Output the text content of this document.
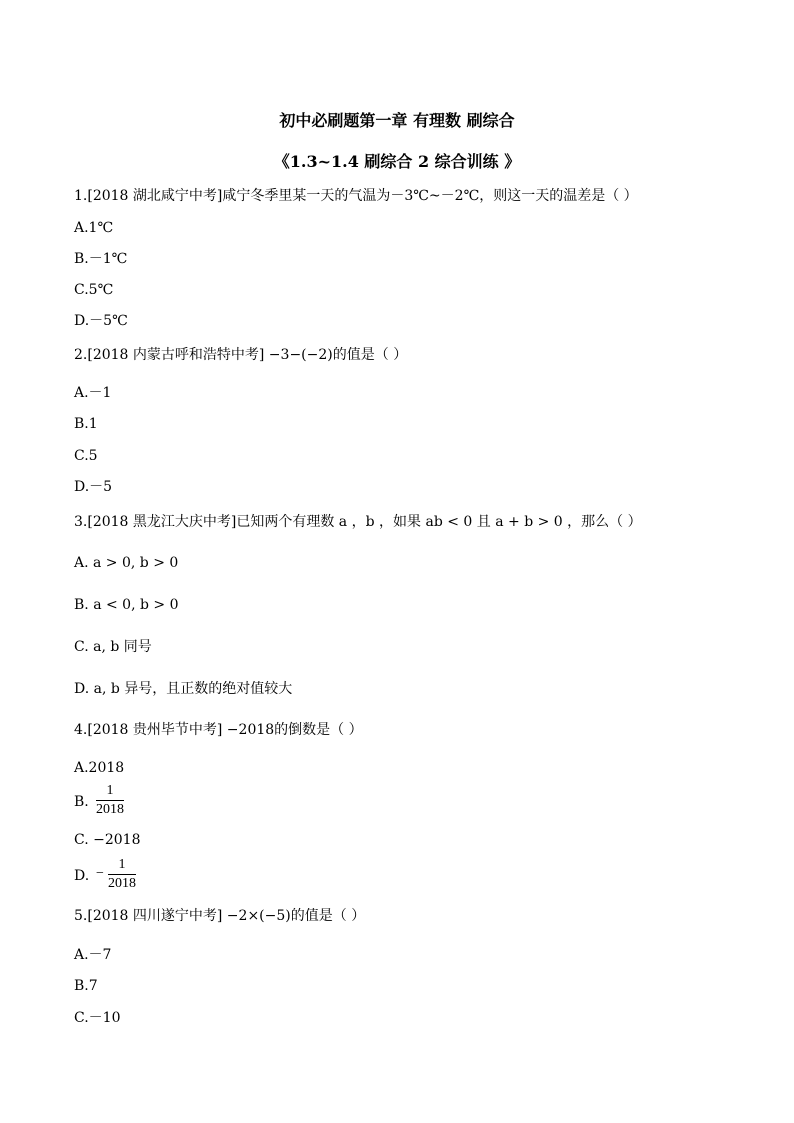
初中必刷题第一章 有理数 刷综合
《1.3~1.4 刷综合 2 综合训练 》
1.[2018 湖北咸宁中考]咸宁冬季里某一天的气温为－3℃~－2℃，则这一天的温差是（ ）
A.1℃
B.－1℃
C.5℃
D.－5℃
2.[2018 内蒙古呼和浩特中考] −3−(−2)的值是（ ）
A.－1
B.1
C.5
D.－5
3.[2018 黑龙江大庆中考]已知两个有理数 a ，b ，如果 ab < 0 且 a + b > 0 ，那么（ ）
A. a > 0, b > 0
B. a < 0, b > 0
C. a, b 同号
D. a, b 异号，且正数的绝对值较大
4.[2018 贵州毕节中考] −2018的倒数是（ ）
A.2018
B.
1
2018
C. −2018
D. −
1
2018
5.[2018 四川遂宁中考] −2×(−5)的值是（ ）
A.－7
B.7
C.－10
